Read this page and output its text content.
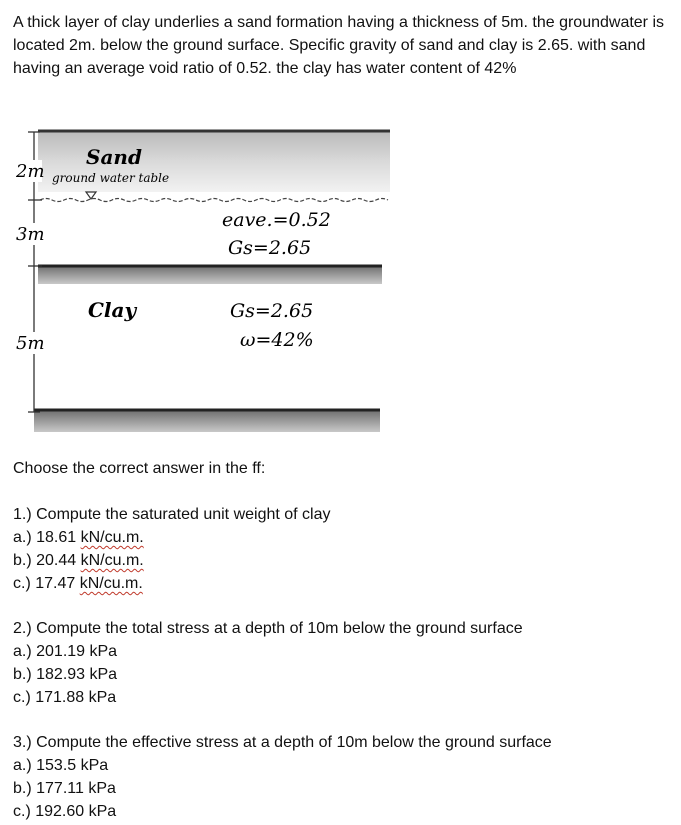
A thick layer of clay underlies a sand formation having a thickness of 5m. the groundwater is located 2m. below the ground surface. Specific gravity of sand and clay is 2.65. with sand having an average void ratio of 0.52. the clay has water content of 42%

2m
3m
5m
Sand
ground water table
eave.=0.52
Gs=2.65
Clay	Gs=2.65
ω=42%

Choose the correct answer in the ff:

1.) Compute the saturated unit weight of clay
a.) 18.61 kN/cu.m.
b.) 20.44 kN/cu.m.
c.) 17.47 kN/cu.m.
2.) Compute the total stress at a depth of 10m below the ground surface
a.) 201.19 kPa
b.) 182.93 kPa
c.) 171.88 kPa
3.) Compute the effective stress at a depth of 10m below the ground surface
a.) 153.5 kPa
b.) 177.11 kPa
c.) 192.60 kPa
